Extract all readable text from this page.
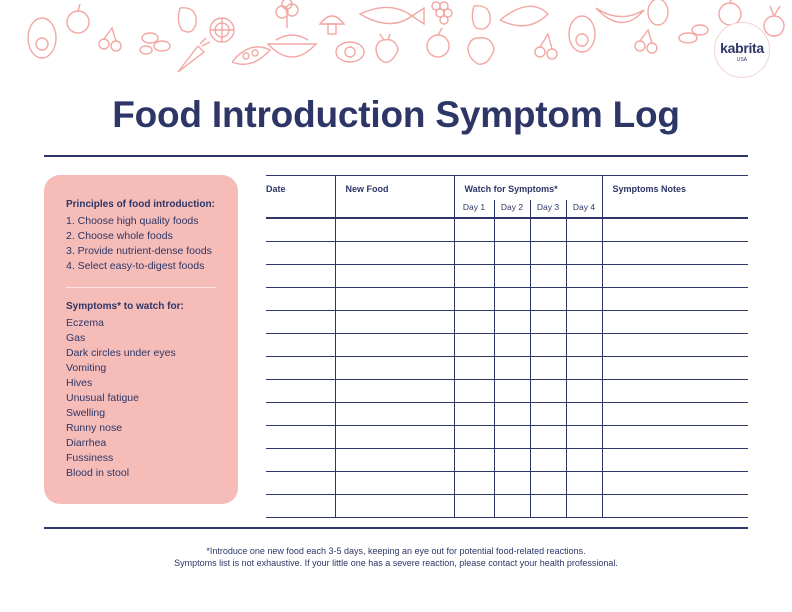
kabrita
USA
Food Introduction Symptom Log
Principles of food introduction:
1. Choose high quality foods
2. Choose whole foods
3. Provide nutrient-dense foods
4. Select easy-to-digest foods
Symptoms* to watch for:
Eczema
Gas
Dark circles under eyes
Vomiting
Hives
Unusual fatigue
Swelling
Runny nose
Diarrhea
Fussiness
Blood in stool
Date	New Food	Watch for Symptoms*				Symptoms Notes
		Day 1	Day 2	Day 3	Day 4	

*Introduce one new food each 3-5 days, keeping an eye out for potential food-related reactions.
Symptoms list is not exhaustive. If your little one has a severe reaction, please contact your health professional.
